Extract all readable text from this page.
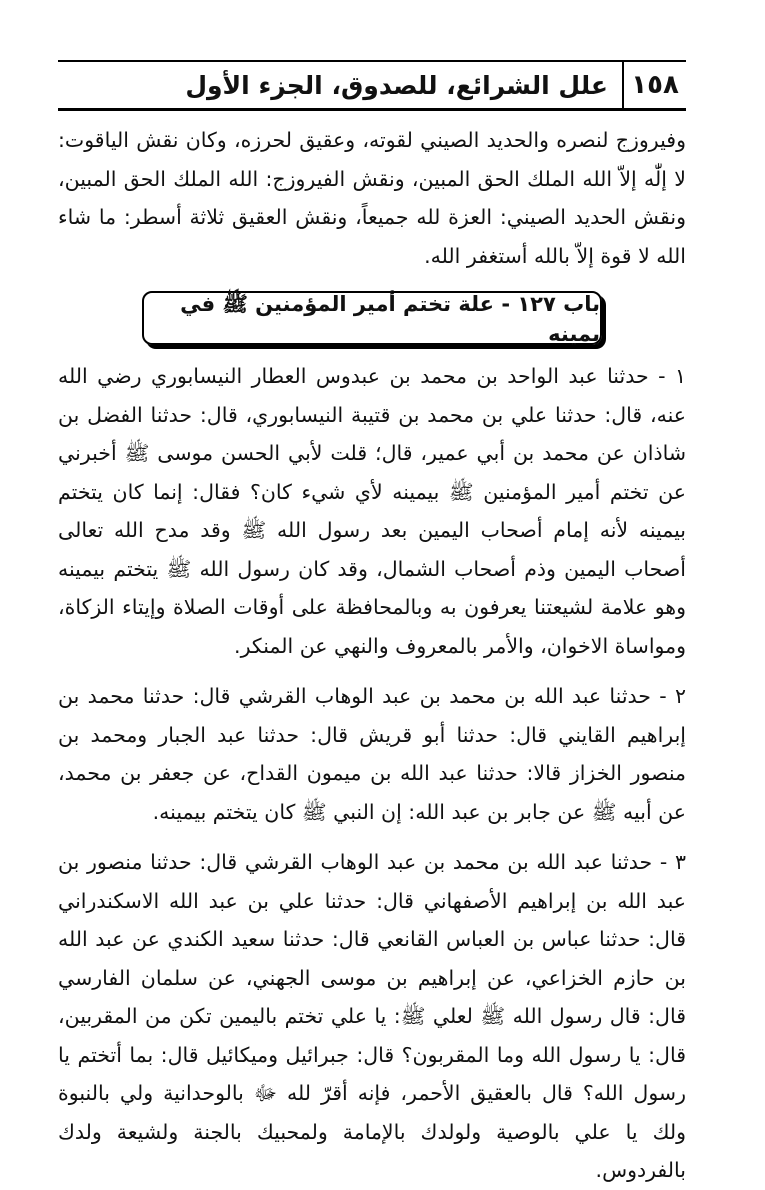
١٥٨
علل الشرائع، للصدوق، الجزء الأول

وفيروزج لنصره والحديد الصيني لقوته، وعقيق لحرزه، وكان نقش الياقوت: لا إلّٰه إلاّ الله الملك الحق المبين، ونقش الفيروزج: الله الملك الحق المبين، ونقش الحديد الصيني: العزة لله جميعاً، ونقش العقيق ثلاثة أسطر: ما شاء الله لا قوة إلاّ بالله أستغفر الله.

باب ١٢٧ - علة تختم أمير المؤمنين ﷺ في يمينه

١ - حدثنا عبد الواحد بن محمد بن عبدوس العطار النيسابوري رضي الله عنه، قال: حدثنا علي بن محمد بن قتيبة النيسابوري، قال: حدثنا الفضل بن شاذان عن محمد بن أبي عمير، قال؛ قلت لأبي الحسن موسى ﷺ أخبرني عن تختم أمير المؤمنين ﷺ بيمينه لأي شيء كان؟ فقال: إنما كان يتختم بيمينه لأنه إمام أصحاب اليمين بعد رسول الله ﷺ وقد مدح الله تعالى أصحاب اليمين وذم أصحاب الشمال، وقد كان رسول الله ﷺ يتختم بيمينه وهو علامة لشيعتنا يعرفون به وبالمحافظة على أوقات الصلاة وإيتاء الزكاة، ومواساة الاخوان، والأمر بالمعروف والنهي عن المنكر.

٢ - حدثنا عبد الله بن محمد بن عبد الوهاب القرشي قال: حدثنا محمد بن إبراهيم القايني قال: حدثنا أبو قريش قال: حدثنا عبد الجبار ومحمد بن منصور الخزاز قالا: حدثنا عبد الله بن ميمون القداح، عن جعفر بن محمد، عن أبيه ﷺ عن جابر بن عبد الله: إن النبي ﷺ كان يتختم بيمينه.

٣ - حدثنا عبد الله بن محمد بن عبد الوهاب القرشي قال: حدثنا منصور بن عبد الله بن إبراهيم الأصفهاني قال: حدثنا علي بن عبد الله الاسكندراني قال: حدثنا عباس بن العباس القانعي قال: حدثنا سعيد الكندي عن عبد الله بن حازم الخزاعي، عن إبراهيم بن موسى الجهني، عن سلمان الفارسي قال: قال رسول الله ﷺ لعلي ﷺ: يا علي تختم باليمين تكن من المقربين، قال: يا رسول الله وما المقربون؟ قال: جبرائيل وميكائيل قال: بما أتختم يا رسول الله؟ قال بالعقيق الأحمر، فإنه أقرّ لله ﷻ بالوحدانية ولي بالنبوة ولك يا علي بالوصية ولولدك بالإمامة ولمحبيك بالجنة ولشيعة ولدك بالفردوس.
